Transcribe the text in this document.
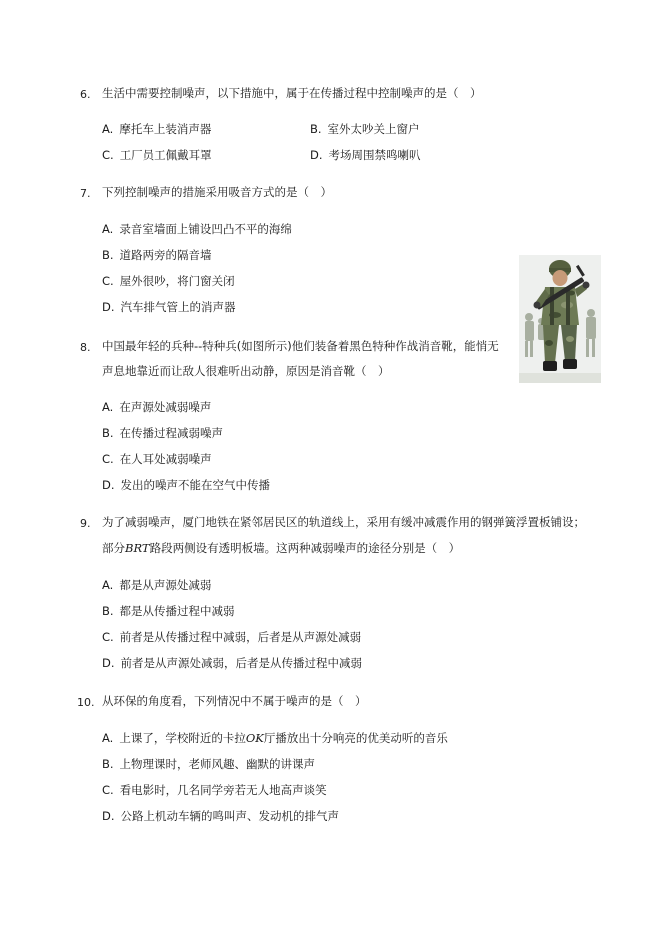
6. 生活中需要控制噪声，以下措施中，属于在传播过程中控制噪声的是（　）
A. 摩托车上装消声器	B. 室外太吵关上窗户
C. 工厂员工佩戴耳罩	D. 考场周围禁鸣喇叭
7. 下列控制噪声的措施采用吸音方式的是（　）
A. 录音室墙面上铺设凹凸不平的海绵
B. 道路两旁的隔音墙
C. 屋外很吵，将门窗关闭
D. 汽车排气管上的消声器
8. 中国最年轻的兵种--特种兵(如图所示)他们装备着黑色特种作战消音靴，能悄无
声息地靠近而让敌人很难听出动静，原因是消音靴（　）
A. 在声源处减弱噪声
B. 在传播过程减弱噪声
C. 在人耳处减弱噪声
D. 发出的噪声不能在空气中传播
9. 为了减弱噪声，厦门地铁在紧邻居民区的轨道线上，采用有缓冲减震作用的钢弹簧浮置板铺设；
部分BRT路段两侧设有透明板墙。这两种减弱噪声的途径分别是（　）
A. 都是从声源处减弱
B. 都是从传播过程中减弱
C. 前者是从传播过程中减弱，后者是从声源处减弱
D. 前者是从声源处减弱，后者是从传播过程中减弱
10. 从环保的角度看，下列情况中不属于噪声的是（　）
A. 上课了，学校附近的卡拉OK厅播放出十分响亮的优美动听的音乐
B. 上物理课时，老师风趣、幽默的讲课声
C. 看电影时，几名同学旁若无人地高声谈笑
D. 公路上机动车辆的鸣叫声、发动机的排气声
